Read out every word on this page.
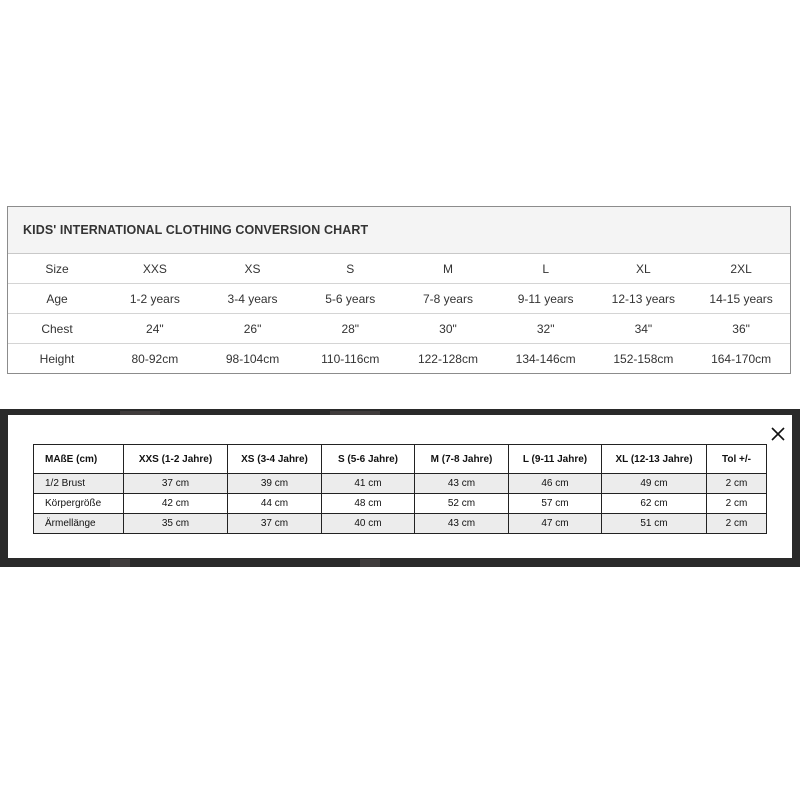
KIDS' INTERNATIONAL CLOTHING CONVERSION CHART
Size	XXS	XS	S	M	L	XL	2XL
Age	1-2 years	3-4 years	5-6 years	7-8 years	9-11 years	12-13 years	14-15 years
Chest	24"	26"	28"	30"	32"	34"	36"
Height	80-92cm	98-104cm	110-116cm	122-128cm	134-146cm	152-158cm	164-170cm
MAßE (cm)	XXS (1-2 Jahre)	XS (3-4 Jahre)	S (5-6 Jahre)	M (7-8 Jahre)	L (9-11 Jahre)	XL (12-13 Jahre)	Tol +/-
1/2 Brust	37 cm	39 cm	41 cm	43 cm	46 cm	49 cm	2 cm
Körpergröße	42 cm	44 cm	48 cm	52 cm	57 cm	62 cm	2 cm
Ärmellänge	35 cm	37 cm	40 cm	43 cm	47 cm	51 cm	2 cm
